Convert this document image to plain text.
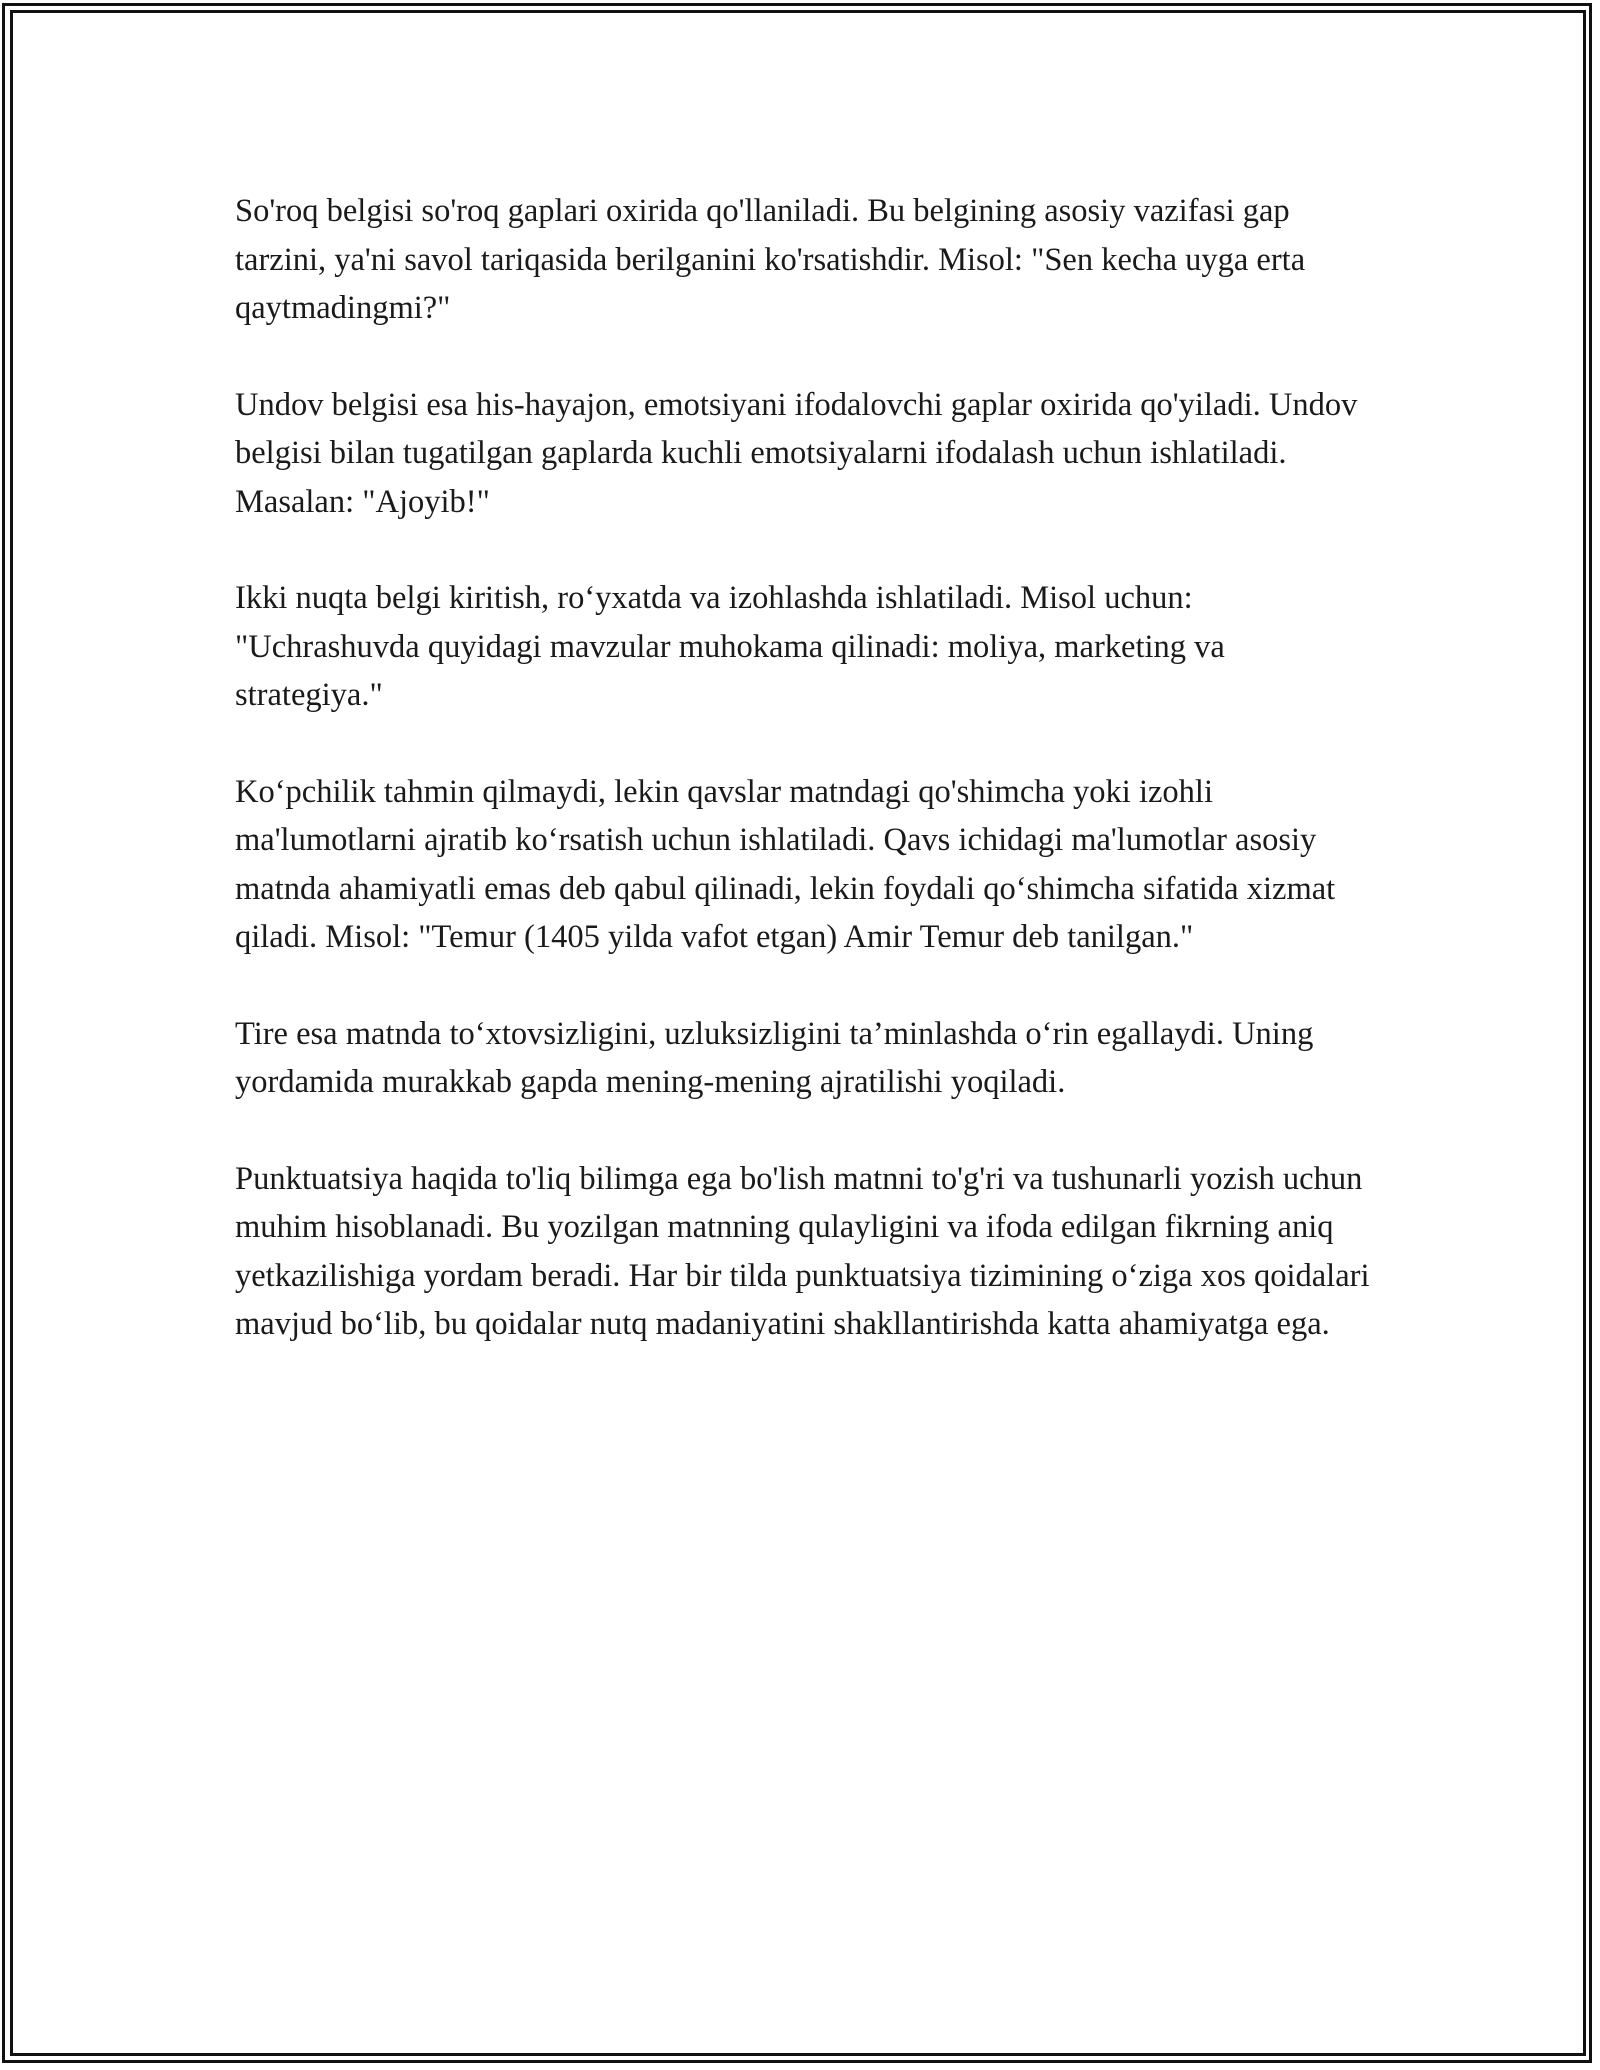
So'roq belgisi so'roq gaplari oxirida qo'llaniladi. Bu belgining asosiy vazifasi gap tarzini, ya'ni savol tariqasida berilganini ko'rsatishdir. Misol: "Sen kecha uyga erta qaytmadingmi?"

Undov belgisi esa his-hayajon, emotsiyani ifodalovchi gaplar oxirida qo'yiladi. Undov belgisi bilan tugatilgan gaplarda kuchli emotsiyalarni ifodalash uchun ishlatiladi. Masalan: "Ajoyib!"

Ikki nuqta belgi kiritish, ro‘yxatda va izohlashda ishlatiladi. Misol uchun: "Uchrashuvda quyidagi mavzular muhokama qilinadi: moliya, marketing va strategiya."

Ko‘pchilik tahmin qilmaydi, lekin qavslar matndagi qo'shimcha yoki izohli ma'lumotlarni ajratib ko‘rsatish uchun ishlatiladi. Qavs ichidagi ma'lumotlar asosiy matnda ahamiyatli emas deb qabul qilinadi, lekin foydali qo‘shimcha sifatida xizmat qiladi. Misol: "Temur (1405 yilda vafot etgan) Amir Temur deb tanilgan."

Tire esa matnda to‘xtovsizligini, uzluksizligini ta’minlashda o‘rin egallaydi. Uning yordamida murakkab gapda mening-mening ajratilishi yoqiladi.

Punktuatsiya haqida to'liq bilimga ega bo'lish matnni to'g'ri va tushunarli yozish uchun muhim hisoblanadi. Bu yozilgan matnning qulayligini va ifoda edilgan fikrning aniq yetkazilishiga yordam beradi. Har bir tilda punktuatsiya tizimining o‘ziga xos qoidalari mavjud bo‘lib, bu qoidalar nutq madaniyatini shakllantirishda katta ahamiyatga ega.
